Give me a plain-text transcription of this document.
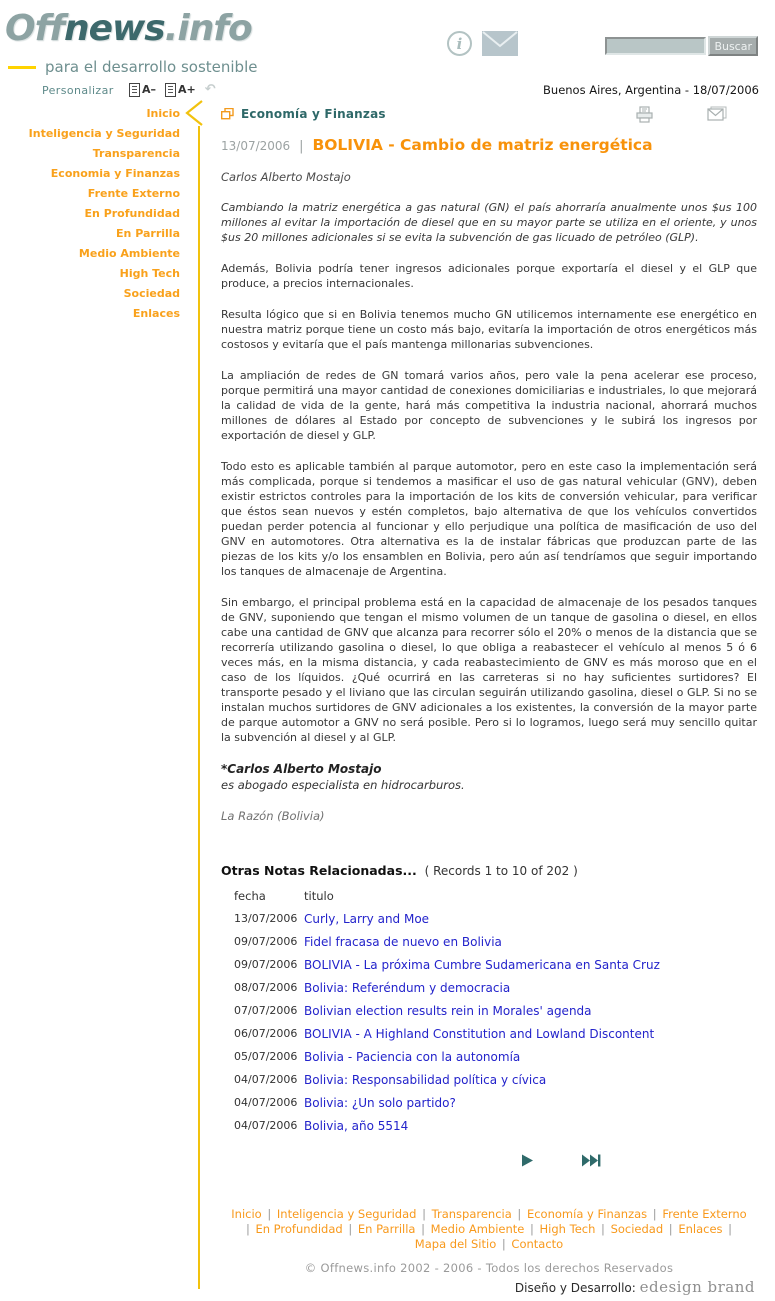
Offnews.info
para el desarrollo sostenible
i	Buscar
Personalizar	A– A+ ↶	Buenos Aires, Argentina - 18/07/2006
Inicio
Inteligencia y Seguridad
Transparencia
Economia y Finanzas
Frente Externo
En Profundidad
En Parrilla
Medio Ambiente
High Tech
Sociedad
Enlaces
Economía y Finanzas
13/07/2006 | BOLIVIA - Cambio de matriz energética
Carlos Alberto Mostajo
Cambiando la matriz energética a gas natural (GN) el país ahorraría anualmente unos $us 100 millones al evitar la importación de diesel que en su mayor parte se utiliza en el oriente, y unos $us 20 millones adicionales si se evita la subvención de gas licuado de petróleo (GLP).
Además, Bolivia podría tener ingresos adicionales porque exportaría el diesel y el GLP que produce, a precios internacionales.
Resulta lógico que si en Bolivia tenemos mucho GN utilicemos internamente ese energético en nuestra matriz porque tiene un costo más bajo, evitaría la importación de otros energéticos más costosos y evitaría que el país mantenga millonarias subvenciones.
La ampliación de redes de GN tomará varios años, pero vale la pena acelerar ese proceso, porque permitirá una mayor cantidad de conexiones domiciliarias e industriales, lo que mejorará la calidad de vida de la gente, hará más competitiva la industria nacional, ahorrará muchos millones de dólares al Estado por concepto de subvenciones y le subirá los ingresos por exportación de diesel y GLP.
Todo esto es aplicable también al parque automotor, pero en este caso la implementación será más complicada, porque si tendemos a masificar el uso de gas natural vehicular (GNV), deben existir estrictos controles para la importación de los kits de conversión vehicular, para verificar que éstos sean nuevos y estén completos, bajo alternativa de que los vehículos convertidos puedan perder potencia al funcionar y ello perjudique una política de masificación de uso del GNV en automotores. Otra alternativa es la de instalar fábricas que produzcan parte de las piezas de los kits y/o los ensamblen en Bolivia, pero aún así tendríamos que seguir importando los tanques de almacenaje de Argentina.
Sin embargo, el principal problema está en la capacidad de almacenaje de los pesados tanques de GNV, suponiendo que tengan el mismo volumen de un tanque de gasolina o diesel, en ellos cabe una cantidad de GNV que alcanza para recorrer sólo el 20% o menos de la distancia que se recorrería utilizando gasolina o diesel, lo que obliga a reabastecer el vehículo al menos 5 ó 6 veces más, en la misma distancia, y cada reabastecimiento de GNV es más moroso que en el caso de los líquidos. ¿Qué ocurrirá en las carreteras si no hay suficientes surtidores? El transporte pesado y el liviano que las circulan seguirán utilizando gasolina, diesel o GLP. Si no se instalan muchos surtidores de GNV adicionales a los existentes, la conversión de la mayor parte de parque automotor a GNV no será posible. Pero si lo logramos, luego será muy sencillo quitar la subvención al diesel y al GLP.
*Carlos Alberto Mostajo
es abogado especialista en hidrocarburos.
La Razón (Bolivia)
Otras Notas Relacionadas... ( Records 1 to 10 of 202 )
fecha	titulo
13/07/2006 Curly, Larry and Moe
09/07/2006 Fidel fracasa de nuevo en Bolivia
09/07/2006 BOLIVIA - La próxima Cumbre Sudamericana en Santa Cruz
08/07/2006 Bolivia: Referéndum y democracia
07/07/2006 Bolivian election results rein in Morales' agenda
06/07/2006 BOLIVIA - A Highland Constitution and Lowland Discontent
05/07/2006 Bolivia - Paciencia con la autonomía
04/07/2006 Bolivia: Responsabilidad política y cívica
04/07/2006 Bolivia: ¿Un solo partido?
04/07/2006 Bolivia, año 5514
Inicio | Inteligencia y Seguridad | Transparencia | Economía y Finanzas | Frente Externo
| En Profundidad | En Parrilla | Medio Ambiente | High Tech | Sociedad | Enlaces |
Mapa del Sitio | Contacto
© Offnews.info 2002 - 2006 - Todos los derechos Reservados
Diseño y Desarrollo: edesign brand
